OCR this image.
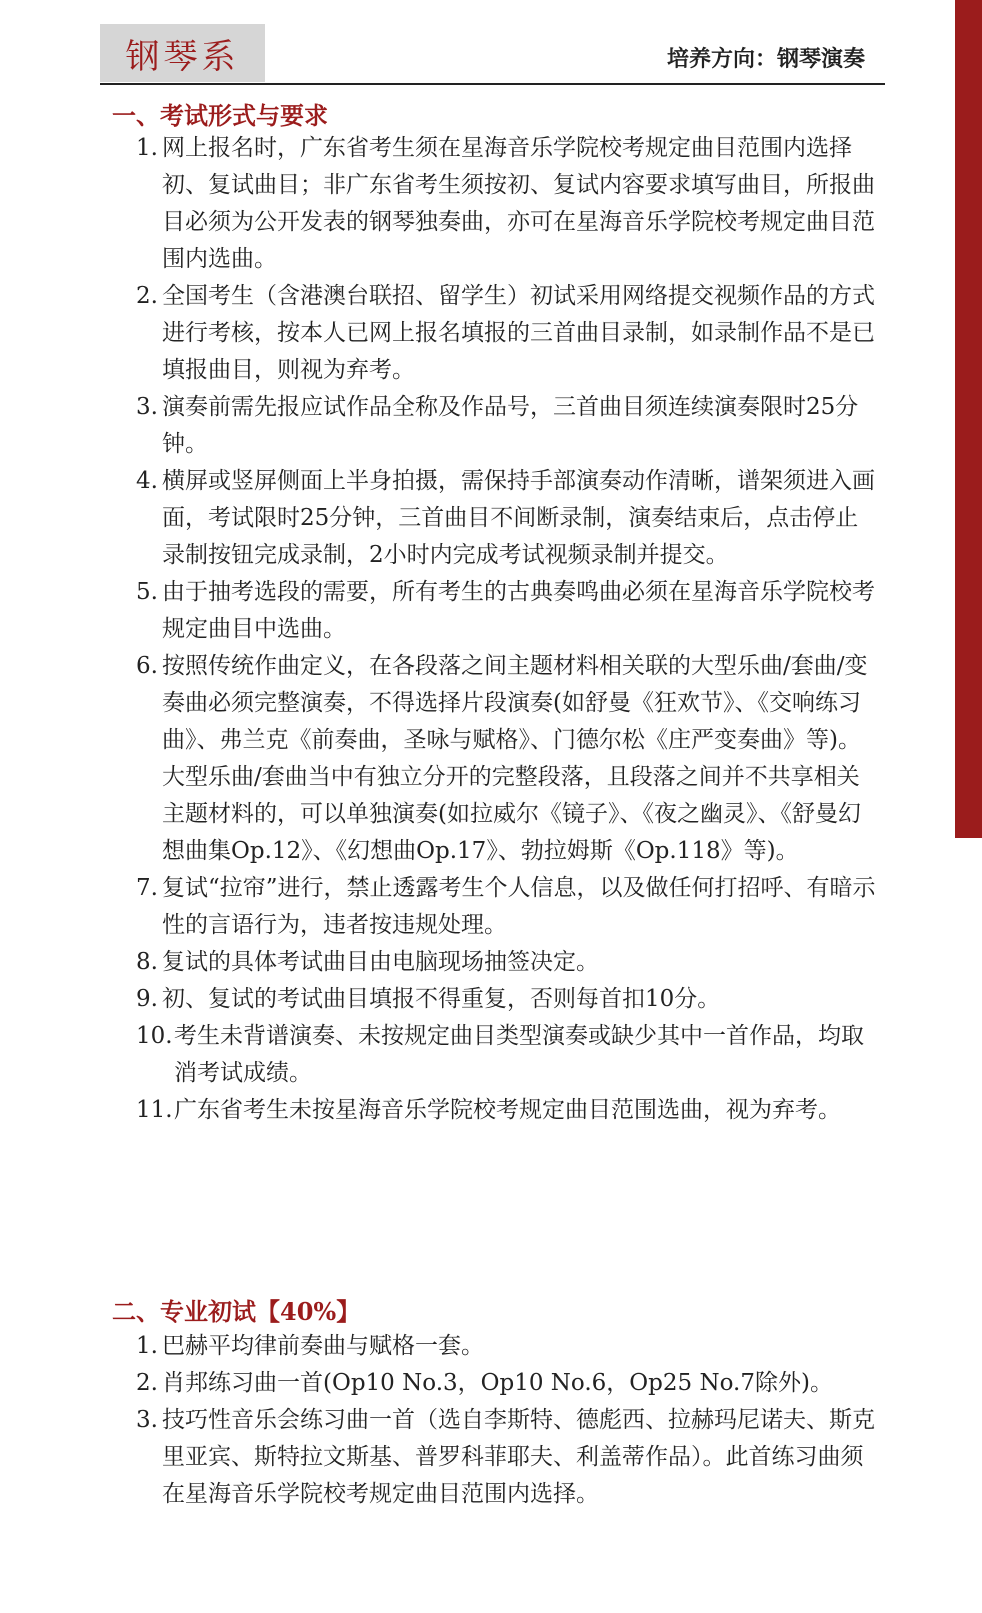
钢琴系	培养方向：钢琴演奏
一、考试形式与要求
1. 网上报名时，广东省考生须在星海音乐学院校考规定曲目范围内选择初、复试曲目；非广东省考生须按初、复试内容要求填写曲目，所报曲目必须为公开发表的钢琴独奏曲，亦可在星海音乐学院校考规定曲目范围内选曲。
2. 全国考生（含港澳台联招、留学生）初试采用网络提交视频作品的方式进行考核，按本人已网上报名填报的三首曲目录制，如录制作品不是已填报曲目，则视为弃考。
3. 演奏前需先报应试作品全称及作品号，三首曲目须连续演奏限时25分钟。
4. 横屏或竖屏侧面上半身拍摄，需保持手部演奏动作清晰，谱架须进入画面，考试限时25分钟，三首曲目不间断录制，演奏结束后，点击停止录制按钮完成录制，2小时内完成考试视频录制并提交。
5. 由于抽考选段的需要，所有考生的古典奏鸣曲必须在星海音乐学院校考规定曲目中选曲。
6. 按照传统作曲定义，在各段落之间主题材料相关联的大型乐曲/套曲/变奏曲必须完整演奏，不得选择片段演奏(如舒曼《狂欢节》、《交响练习曲》、弗兰克《前奏曲，圣咏与赋格》、门德尔松《庄严变奏曲》等)。大型乐曲/套曲当中有独立分开的完整段落，且段落之间并不共享相关主题材料的，可以单独演奏(如拉威尔《镜子》、《夜之幽灵》、《舒曼幻想曲集Op.12》、《幻想曲Op.17》、勃拉姆斯《Op.118》等)。
7. 复试“拉帘”进行，禁止透露考生个人信息，以及做任何打招呼、有暗示性的言语行为，违者按违规处理。
8. 复试的具体考试曲目由电脑现场抽签决定。
9. 初、复试的考试曲目填报不得重复，否则每首扣10分。
10. 考生未背谱演奏、未按规定曲目类型演奏或缺少其中一首作品，均取消考试成绩。
11. 广东省考生未按星海音乐学院校考规定曲目范围选曲，视为弃考。
二、专业初试【40%】
1. 巴赫平均律前奏曲与赋格一套。
2. 肖邦练习曲一首(Op10 No.3，Op10 No.6，Op25 No.7除外)。
3. 技巧性音乐会练习曲一首（选自李斯特、德彪西、拉赫玛尼诺夫、斯克里亚宾、斯特拉文斯基、普罗科菲耶夫、利盖蒂作品）。此首练习曲须在星海音乐学院校考规定曲目范围内选择。
